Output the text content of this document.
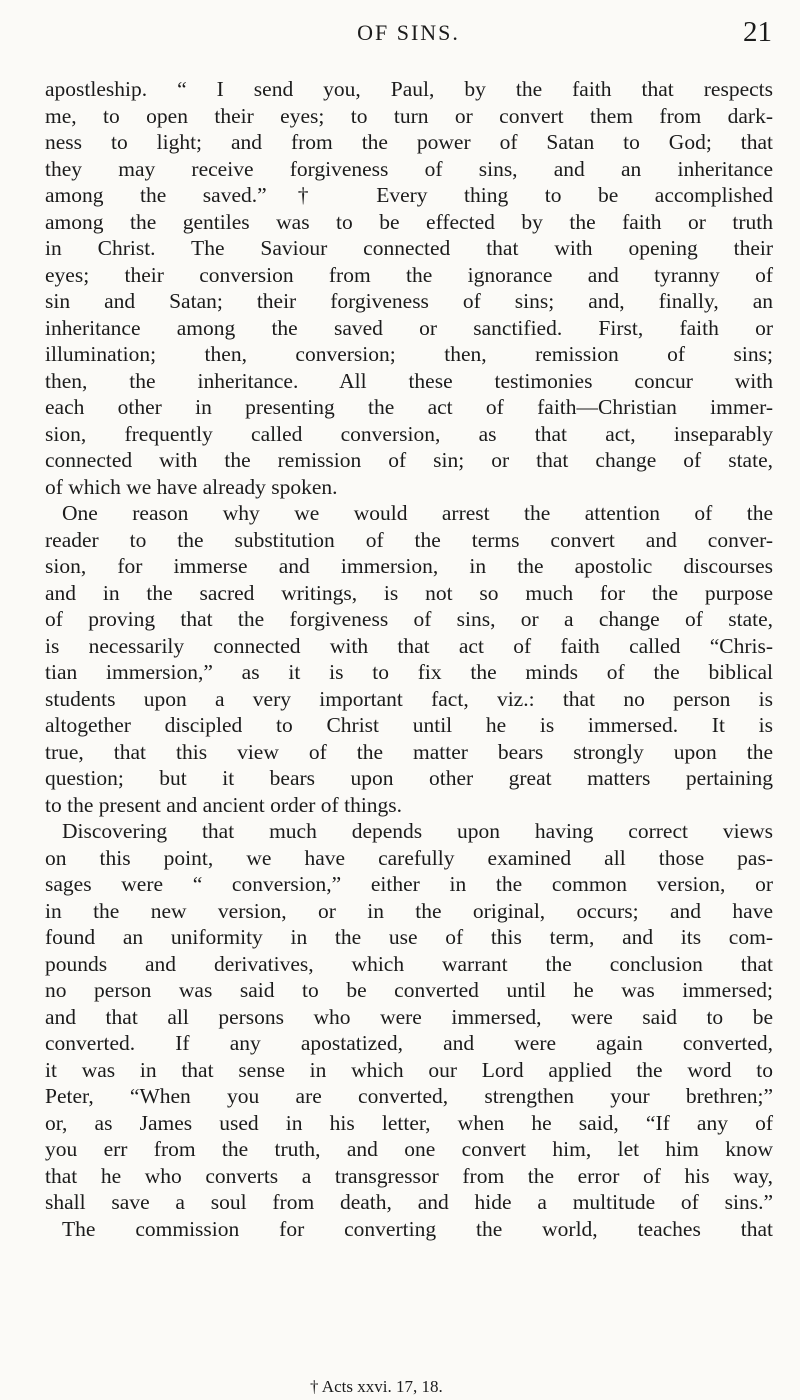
OF SINS.	21
apostleship. “ I send you, Paul, by the faith that respects
me, to open their eyes; to turn or convert them from dark-
ness to light; and from the power of Satan to God; that
they may receive forgiveness of sins, and an inheritance
among the saved.”† Every thing to be accomplished
among the gentiles was to be effected by the faith or truth
in Christ. The Saviour connected that with opening their
eyes; their conversion from the ignorance and tyranny of
sin and Satan; their forgiveness of sins; and, finally, an
inheritance among the saved or sanctified. First, faith or
illumination; then, conversion; then, remission of sins;
then, the inheritance. All these testimonies concur with
each other in presenting the act of faith—Christian immer-
sion, frequently called conversion, as that act, inseparably
connected with the remission of sin; or that change of state,
of which we have already spoken.
One reason why we would arrest the attention of the
reader to the substitution of the terms convert and conver-
sion, for immerse and immersion, in the apostolic discourses
and in the sacred writings, is not so much for the purpose
of proving that the forgiveness of sins, or a change of state,
is necessarily connected with that act of faith called “Chris-
tian immersion,” as it is to fix the minds of the biblical
students upon a very important fact, viz.: that no person is
altogether discipled to Christ until he is immersed. It is
true, that this view of the matter bears strongly upon the
question; but it bears upon other great matters pertaining
to the present and ancient order of things.
Discovering that much depends upon having correct views
on this point, we have carefully examined all those pas-
sages were “ conversion,” either in the common version, or
in the new version, or in the original, occurs; and have
found an uniformity in the use of this term, and its com-
pounds and derivatives, which warrant the conclusion that
no person was said to be converted until he was immersed;
and that all persons who were immersed, were said to be
converted. If any apostatized, and were again converted,
it was in that sense in which our Lord applied the word to
Peter, “When you are converted, strengthen your brethren;”
or, as James used in his letter, when he said, “If any of
you err from the truth, and one convert him, let him know
that he who converts a transgressor from the error of his way,
shall save a soul from death, and hide a multitude of sins.”
The commission for converting the world, teaches that
† Acts xxvi. 17, 18.
